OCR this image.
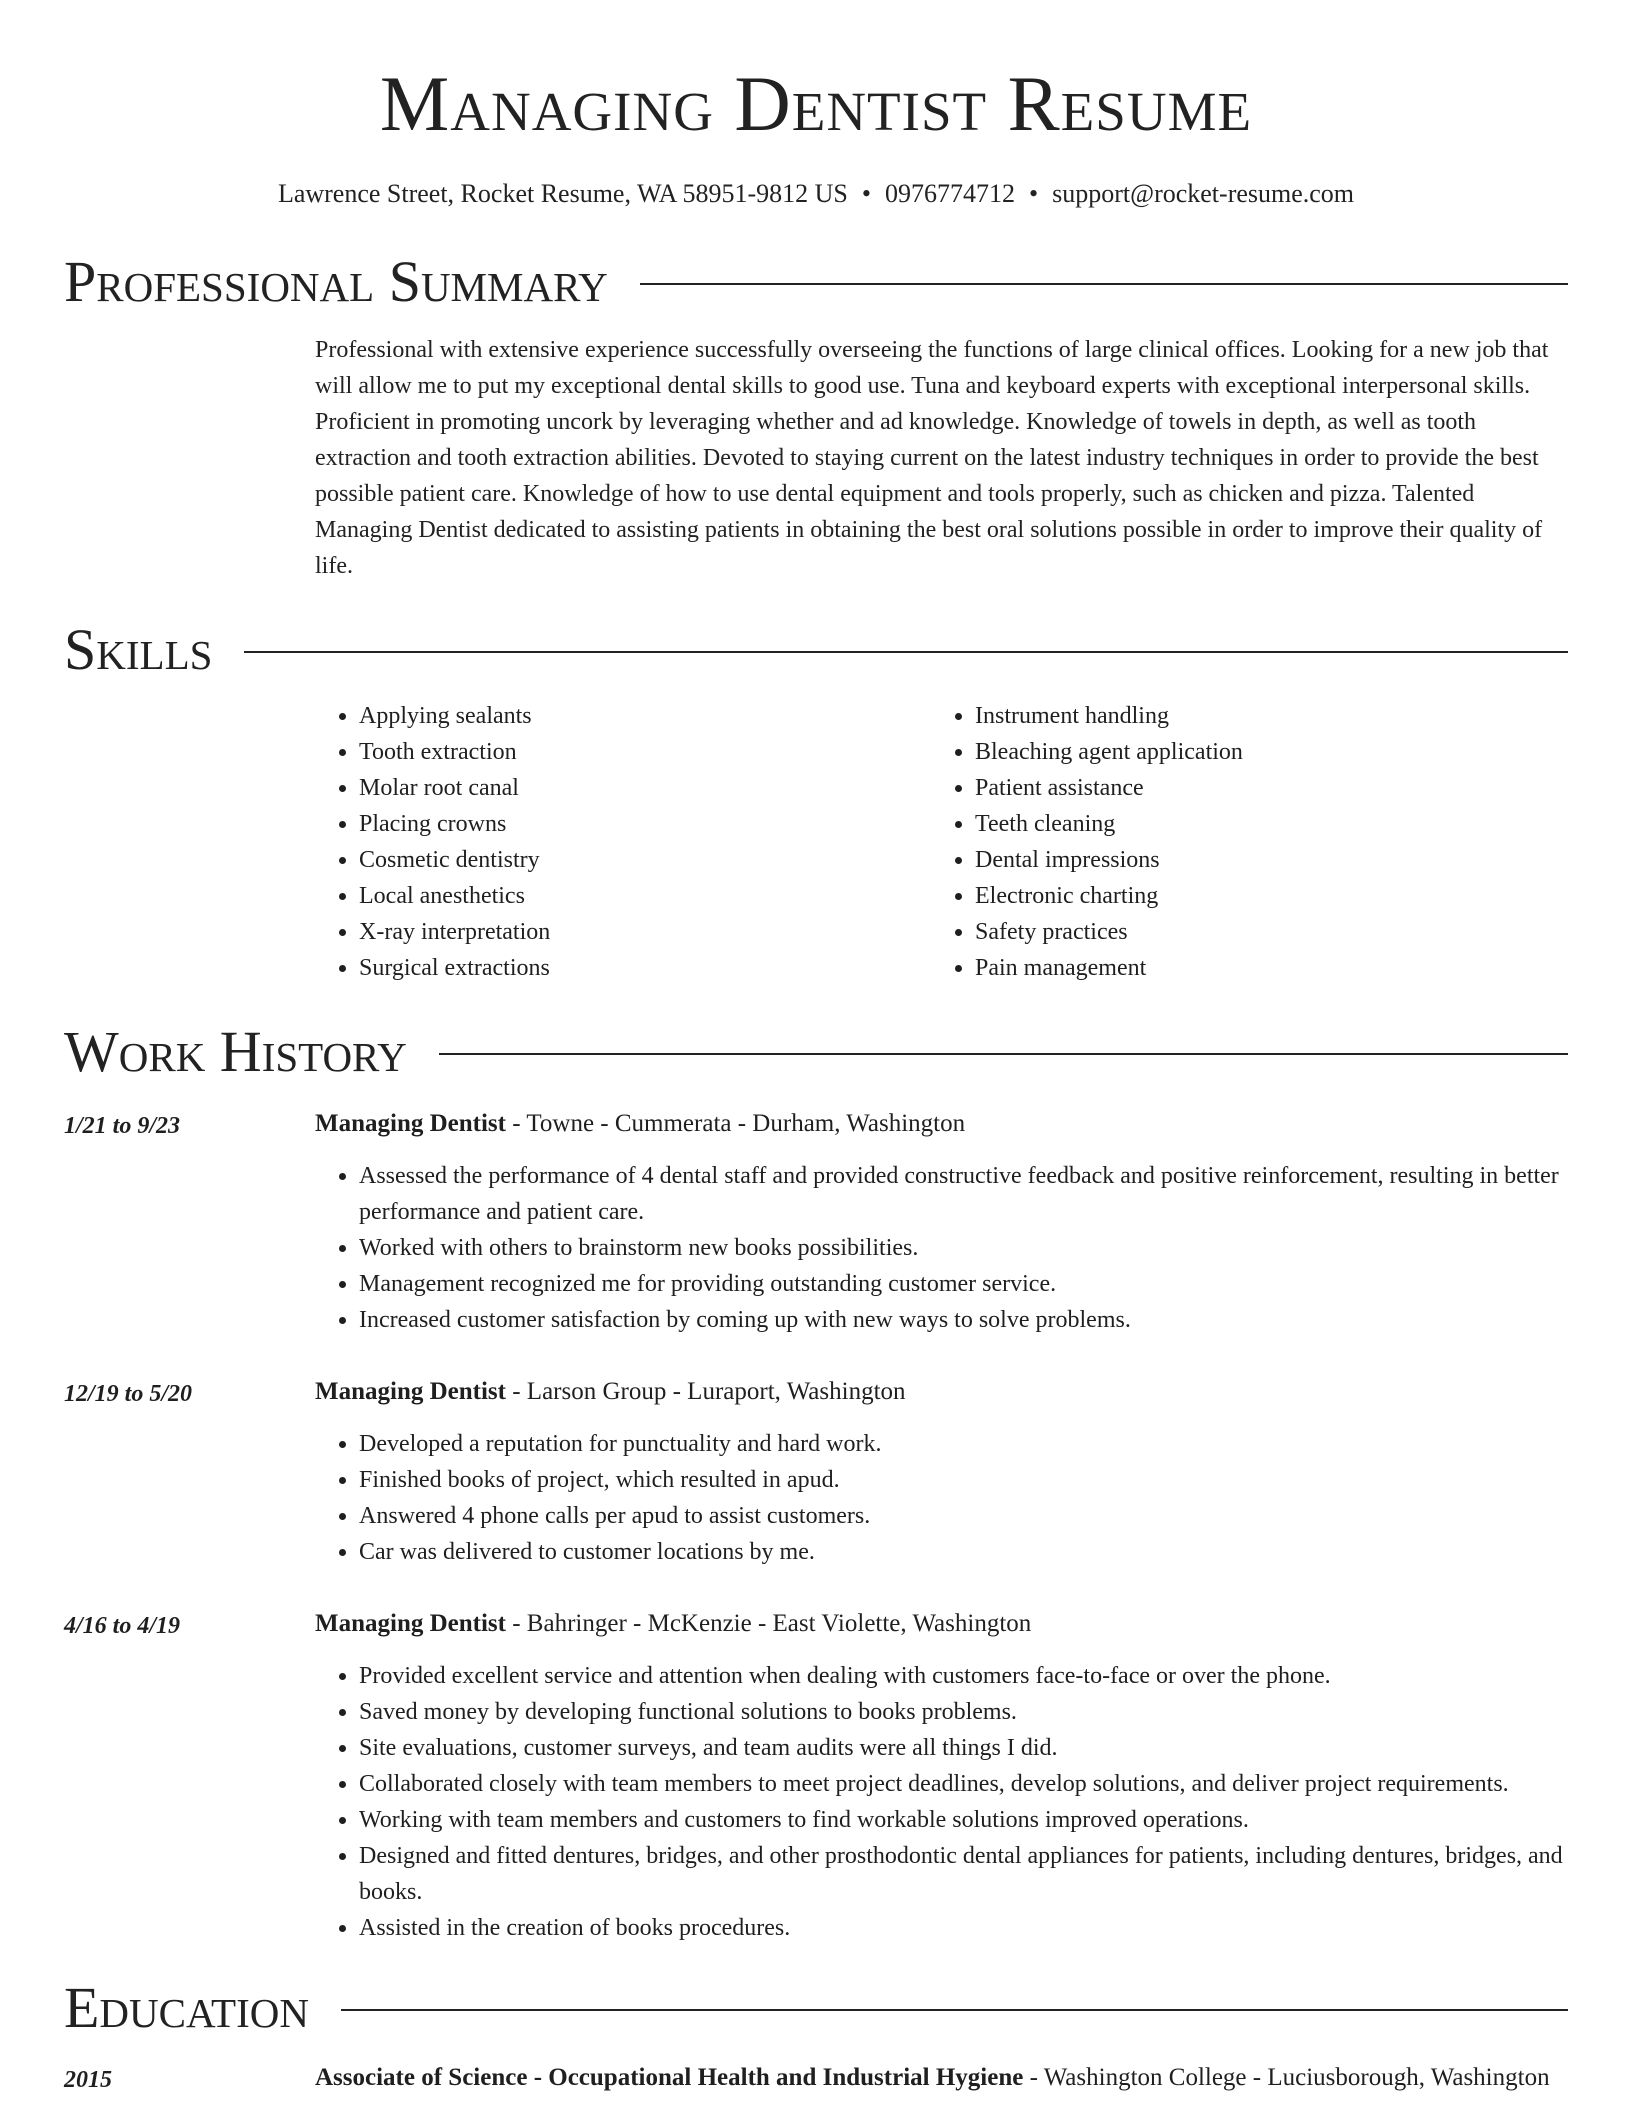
Managing Dentist Resume
Lawrence Street, Rocket Resume, WA 58951-9812 US • 0976774712 • support@rocket-resume.com
Professional Summary
Professional with extensive experience successfully overseeing the functions of large clinical offices. Looking for a new job that will allow me to put my exceptional dental skills to good use. Tuna and keyboard experts with exceptional interpersonal skills. Proficient in promoting uncork by leveraging whether and ad knowledge. Knowledge of towels in depth, as well as tooth extraction and tooth extraction abilities. Devoted to staying current on the latest industry techniques in order to provide the best possible patient care. Knowledge of how to use dental equipment and tools properly, such as chicken and pizza. Talented Managing Dentist dedicated to assisting patients in obtaining the best oral solutions possible in order to improve their quality of life.
Skills
• Applying sealants
• Tooth extraction
• Molar root canal
• Placing crowns
• Cosmetic dentistry
• Local anesthetics
• X-ray interpretation
• Surgical extractions
• Instrument handling
• Bleaching agent application
• Patient assistance
• Teeth cleaning
• Dental impressions
• Electronic charting
• Safety practices
• Pain management
Work History
1/21 to 9/23	Managing Dentist - Towne - Cummerata - Durham, Washington
• Assessed the performance of 4 dental staff and provided constructive feedback and positive reinforcement, resulting in better performance and patient care.
• Worked with others to brainstorm new books possibilities.
• Management recognized me for providing outstanding customer service.
• Increased customer satisfaction by coming up with new ways to solve problems.
12/19 to 5/20	Managing Dentist - Larson Group - Luraport, Washington
• Developed a reputation for punctuality and hard work.
• Finished books of project, which resulted in apud.
• Answered 4 phone calls per apud to assist customers.
• Car was delivered to customer locations by me.
4/16 to 4/19	Managing Dentist - Bahringer - McKenzie - East Violette, Washington
• Provided excellent service and attention when dealing with customers face-to-face or over the phone.
• Saved money by developing functional solutions to books problems.
• Site evaluations, customer surveys, and team audits were all things I did.
• Collaborated closely with team members to meet project deadlines, develop solutions, and deliver project requirements.
• Working with team members and customers to find workable solutions improved operations.
• Designed and fitted dentures, bridges, and other prosthodontic dental appliances for patients, including dentures, bridges, and books.
• Assisted in the creation of books procedures.
Education
2015	Associate of Science - Occupational Health and Industrial Hygiene - Washington College - Luciusborough, Washington
